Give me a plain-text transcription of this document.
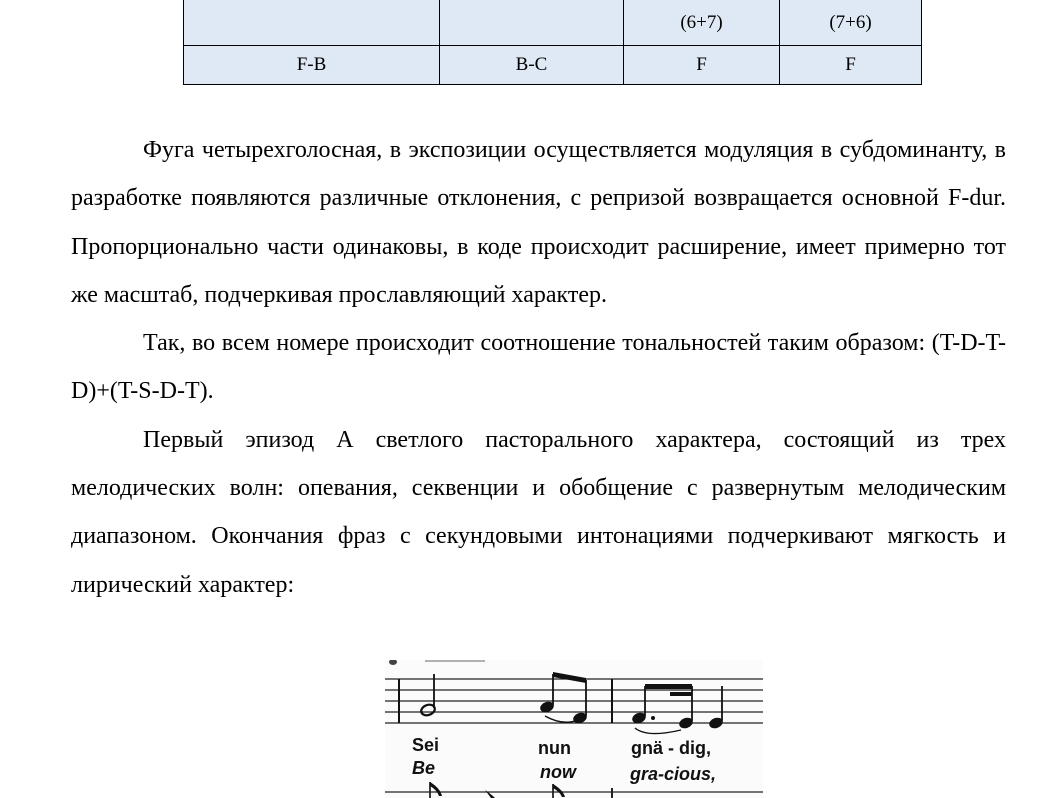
		(6+7)	(7+6)
F-B	B-C	F	F

Фуга четырехголосная, в экспозиции осуществляется модуляция в субдоминанту, в разработке появляются различные отклонения, с репризой возвращается основной F-dur. Пропорционально части одинаковы, в коде происходит расширение, имеет примерно тот же масштаб, подчеркивая прославляющий характер.

Так, во всем номере происходит соотношение тональностей таким образом: (T-D-T-D)+(T-S-D-T).

Первый эпизод А светлого пасторального характера, состоящий из трех мелодических волн: опевания, секвенции и обобщение с развернутым мелодическим диапазоном. Окончания фраз с секундовыми интонациями подчеркивают мягкость и лирический характер:

Sei	nun	gnä - dig,
Be	now	gra-cious,
